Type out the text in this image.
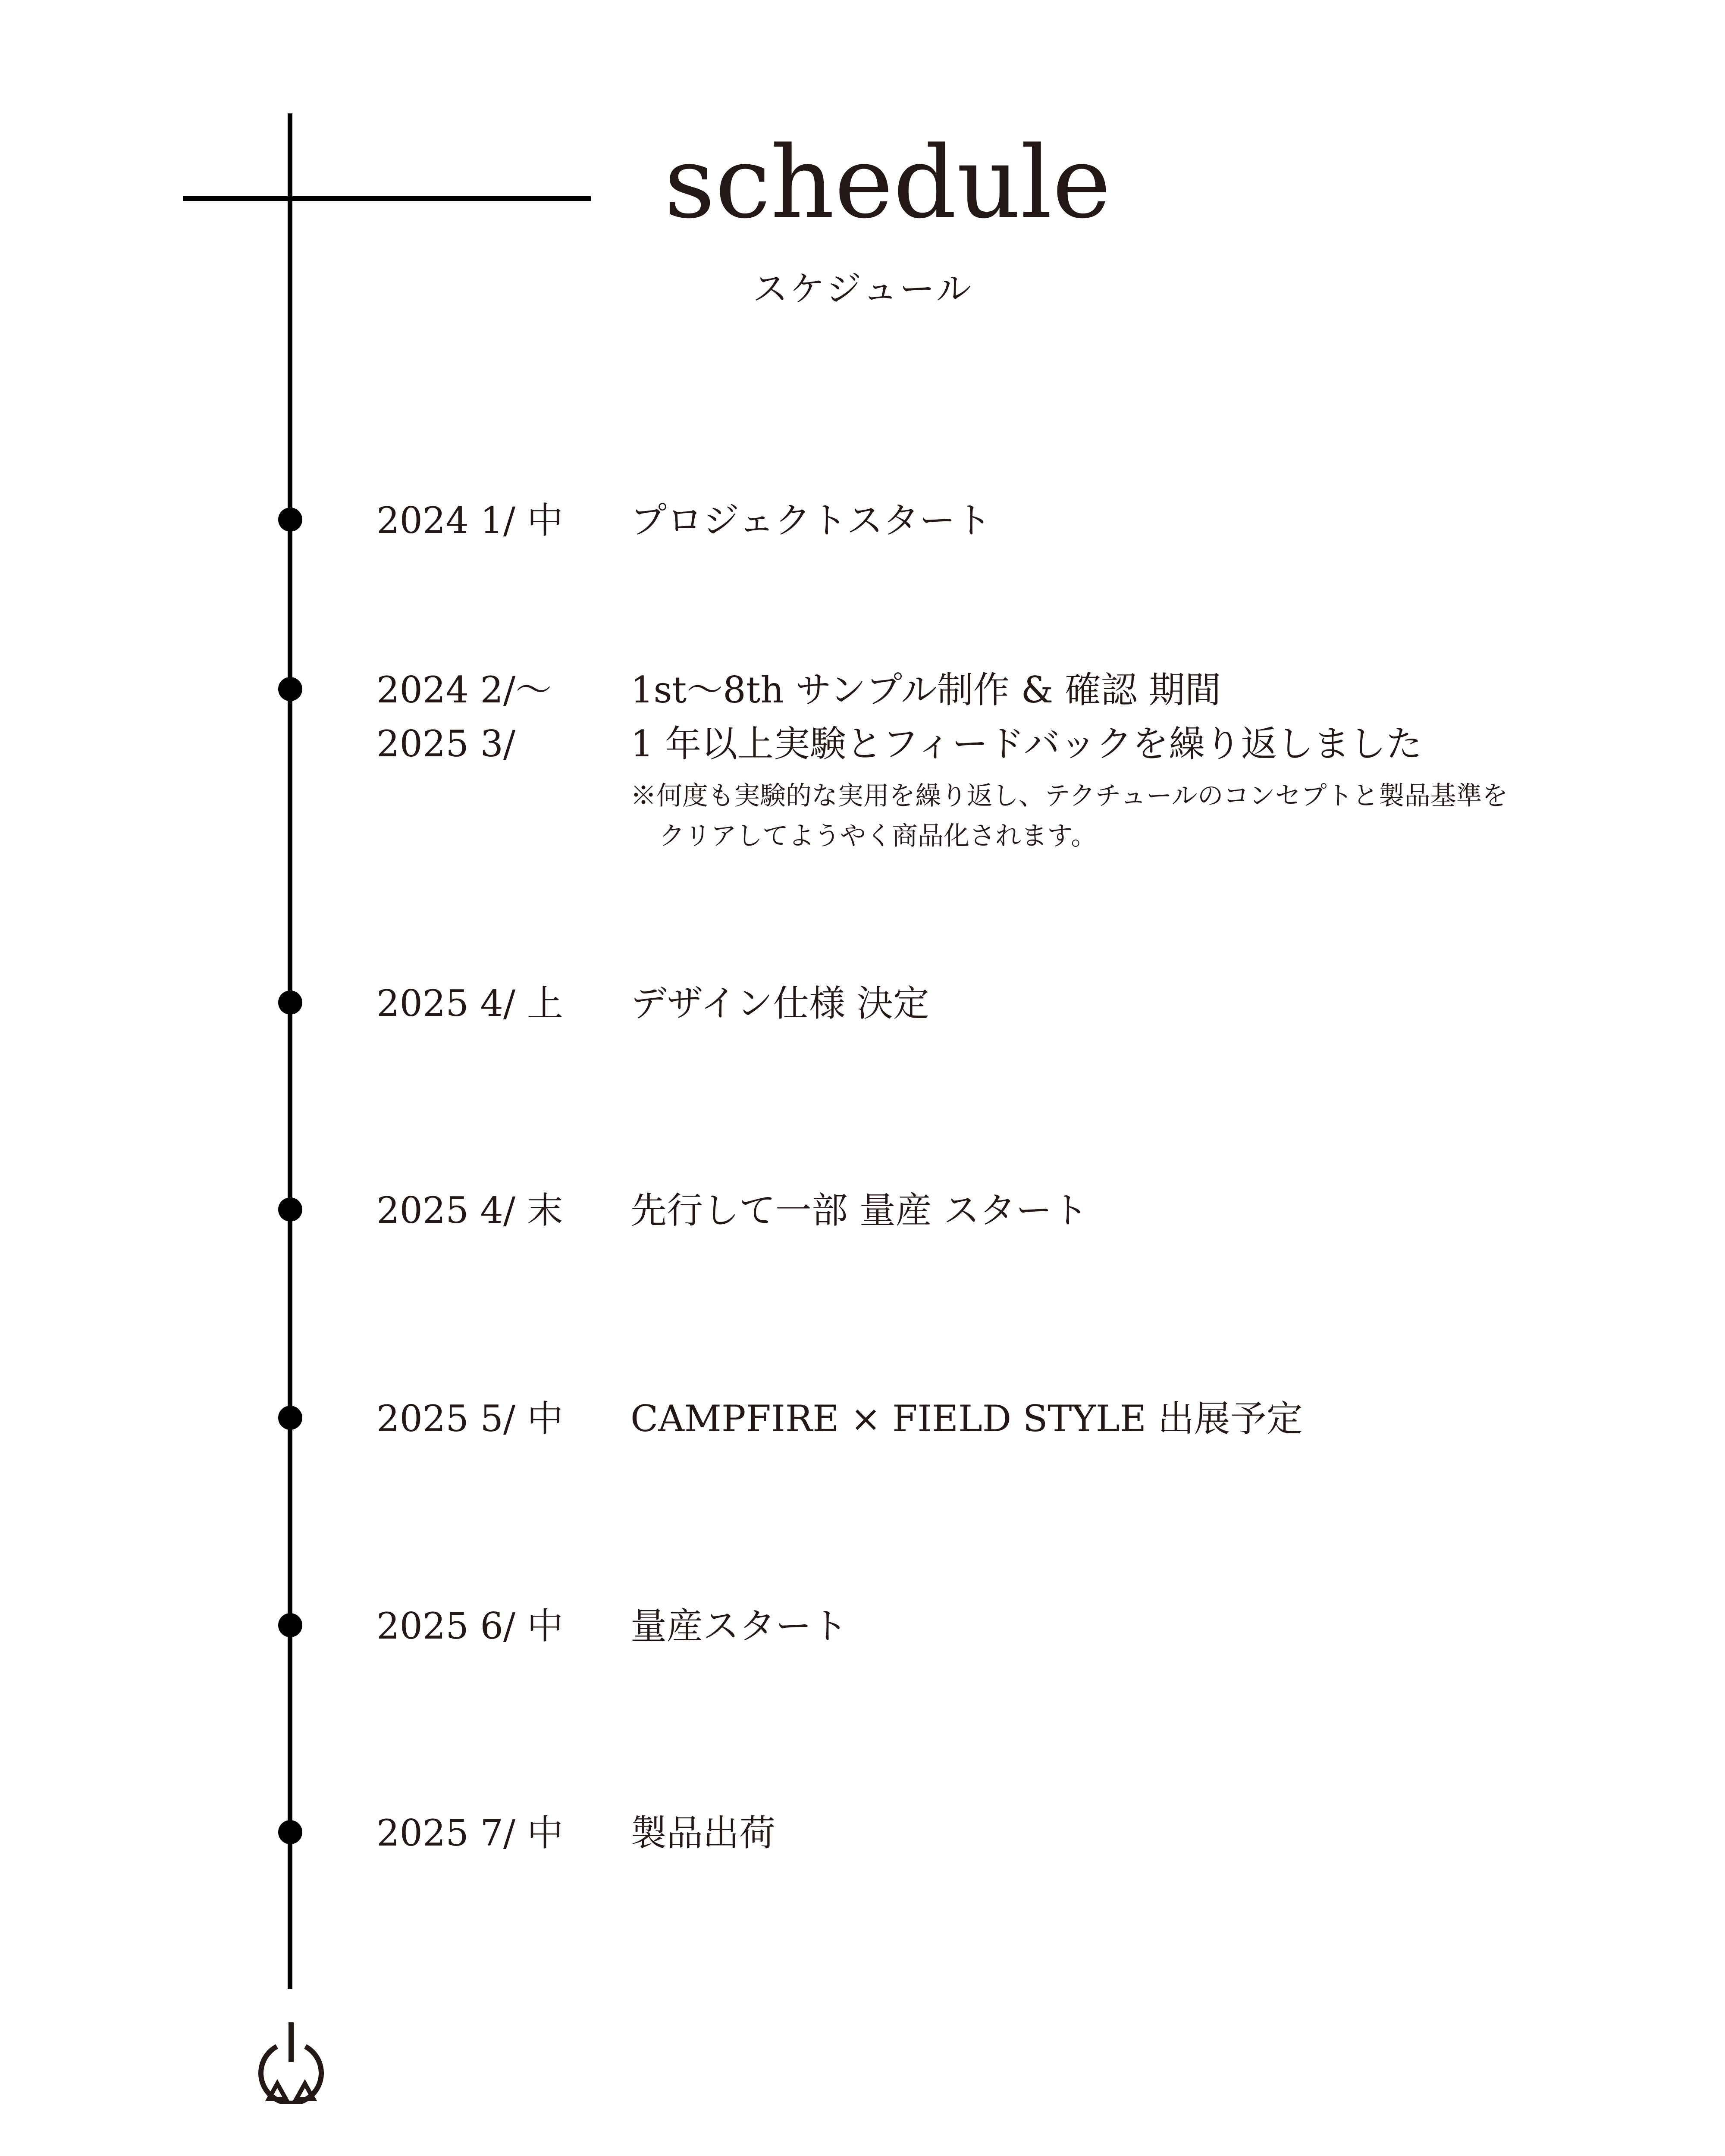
schedule
スケジュール
2024 1/ 中 プロジェクトスタート
2024 2/〜
2025 3/
1st〜8th サンプル制作 & 確認 期間
1 年以上実験とフィードバックを繰り返しました
※何度も実験的な実用を繰り返し、テクチュールのコンセプトと製品基準を
クリアしてようやく商品化されます。
2025 4/ 上 デザイン仕様 決定
2025 4/ 末 先行して一部 量産 スタート
2025 5/ 中 CAMPFIRE × FIELD STYLE 出展予定
2025 6/ 中 量産スタート
2025 7/ 中 製品出荷
